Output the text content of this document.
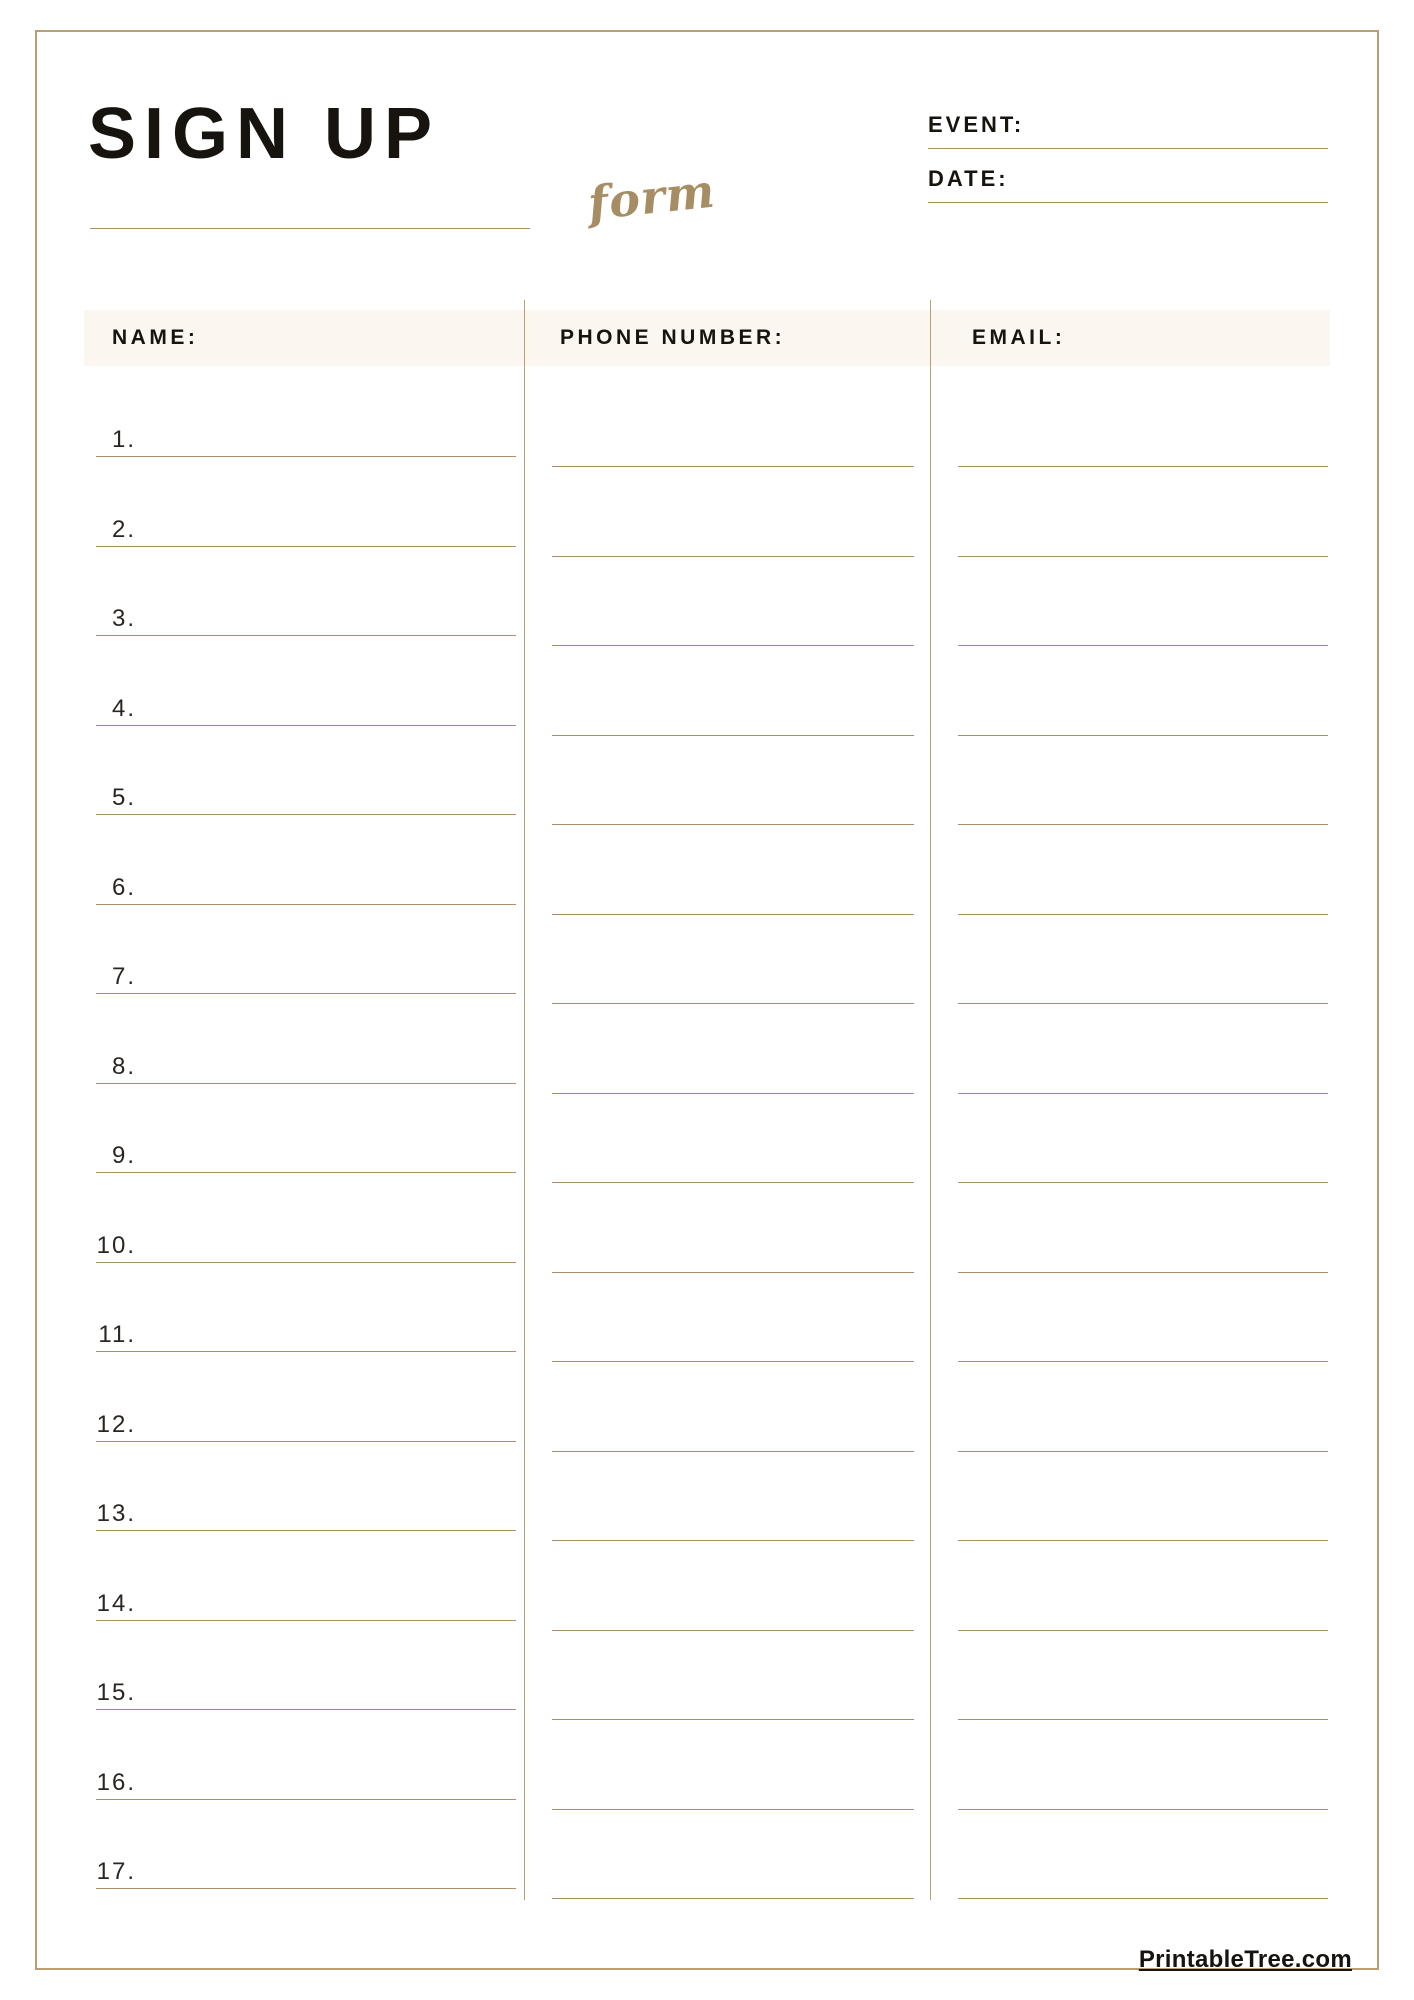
SIGN UP
form
EVENT:
DATE:
NAME:	PHONE NUMBER:	EMAIL:
1.
2.
3.
4.
5.
6.
7.
8.
9.
10.
11.
12.
13.
14.
15.
16.
17.
PrintableTree.com
